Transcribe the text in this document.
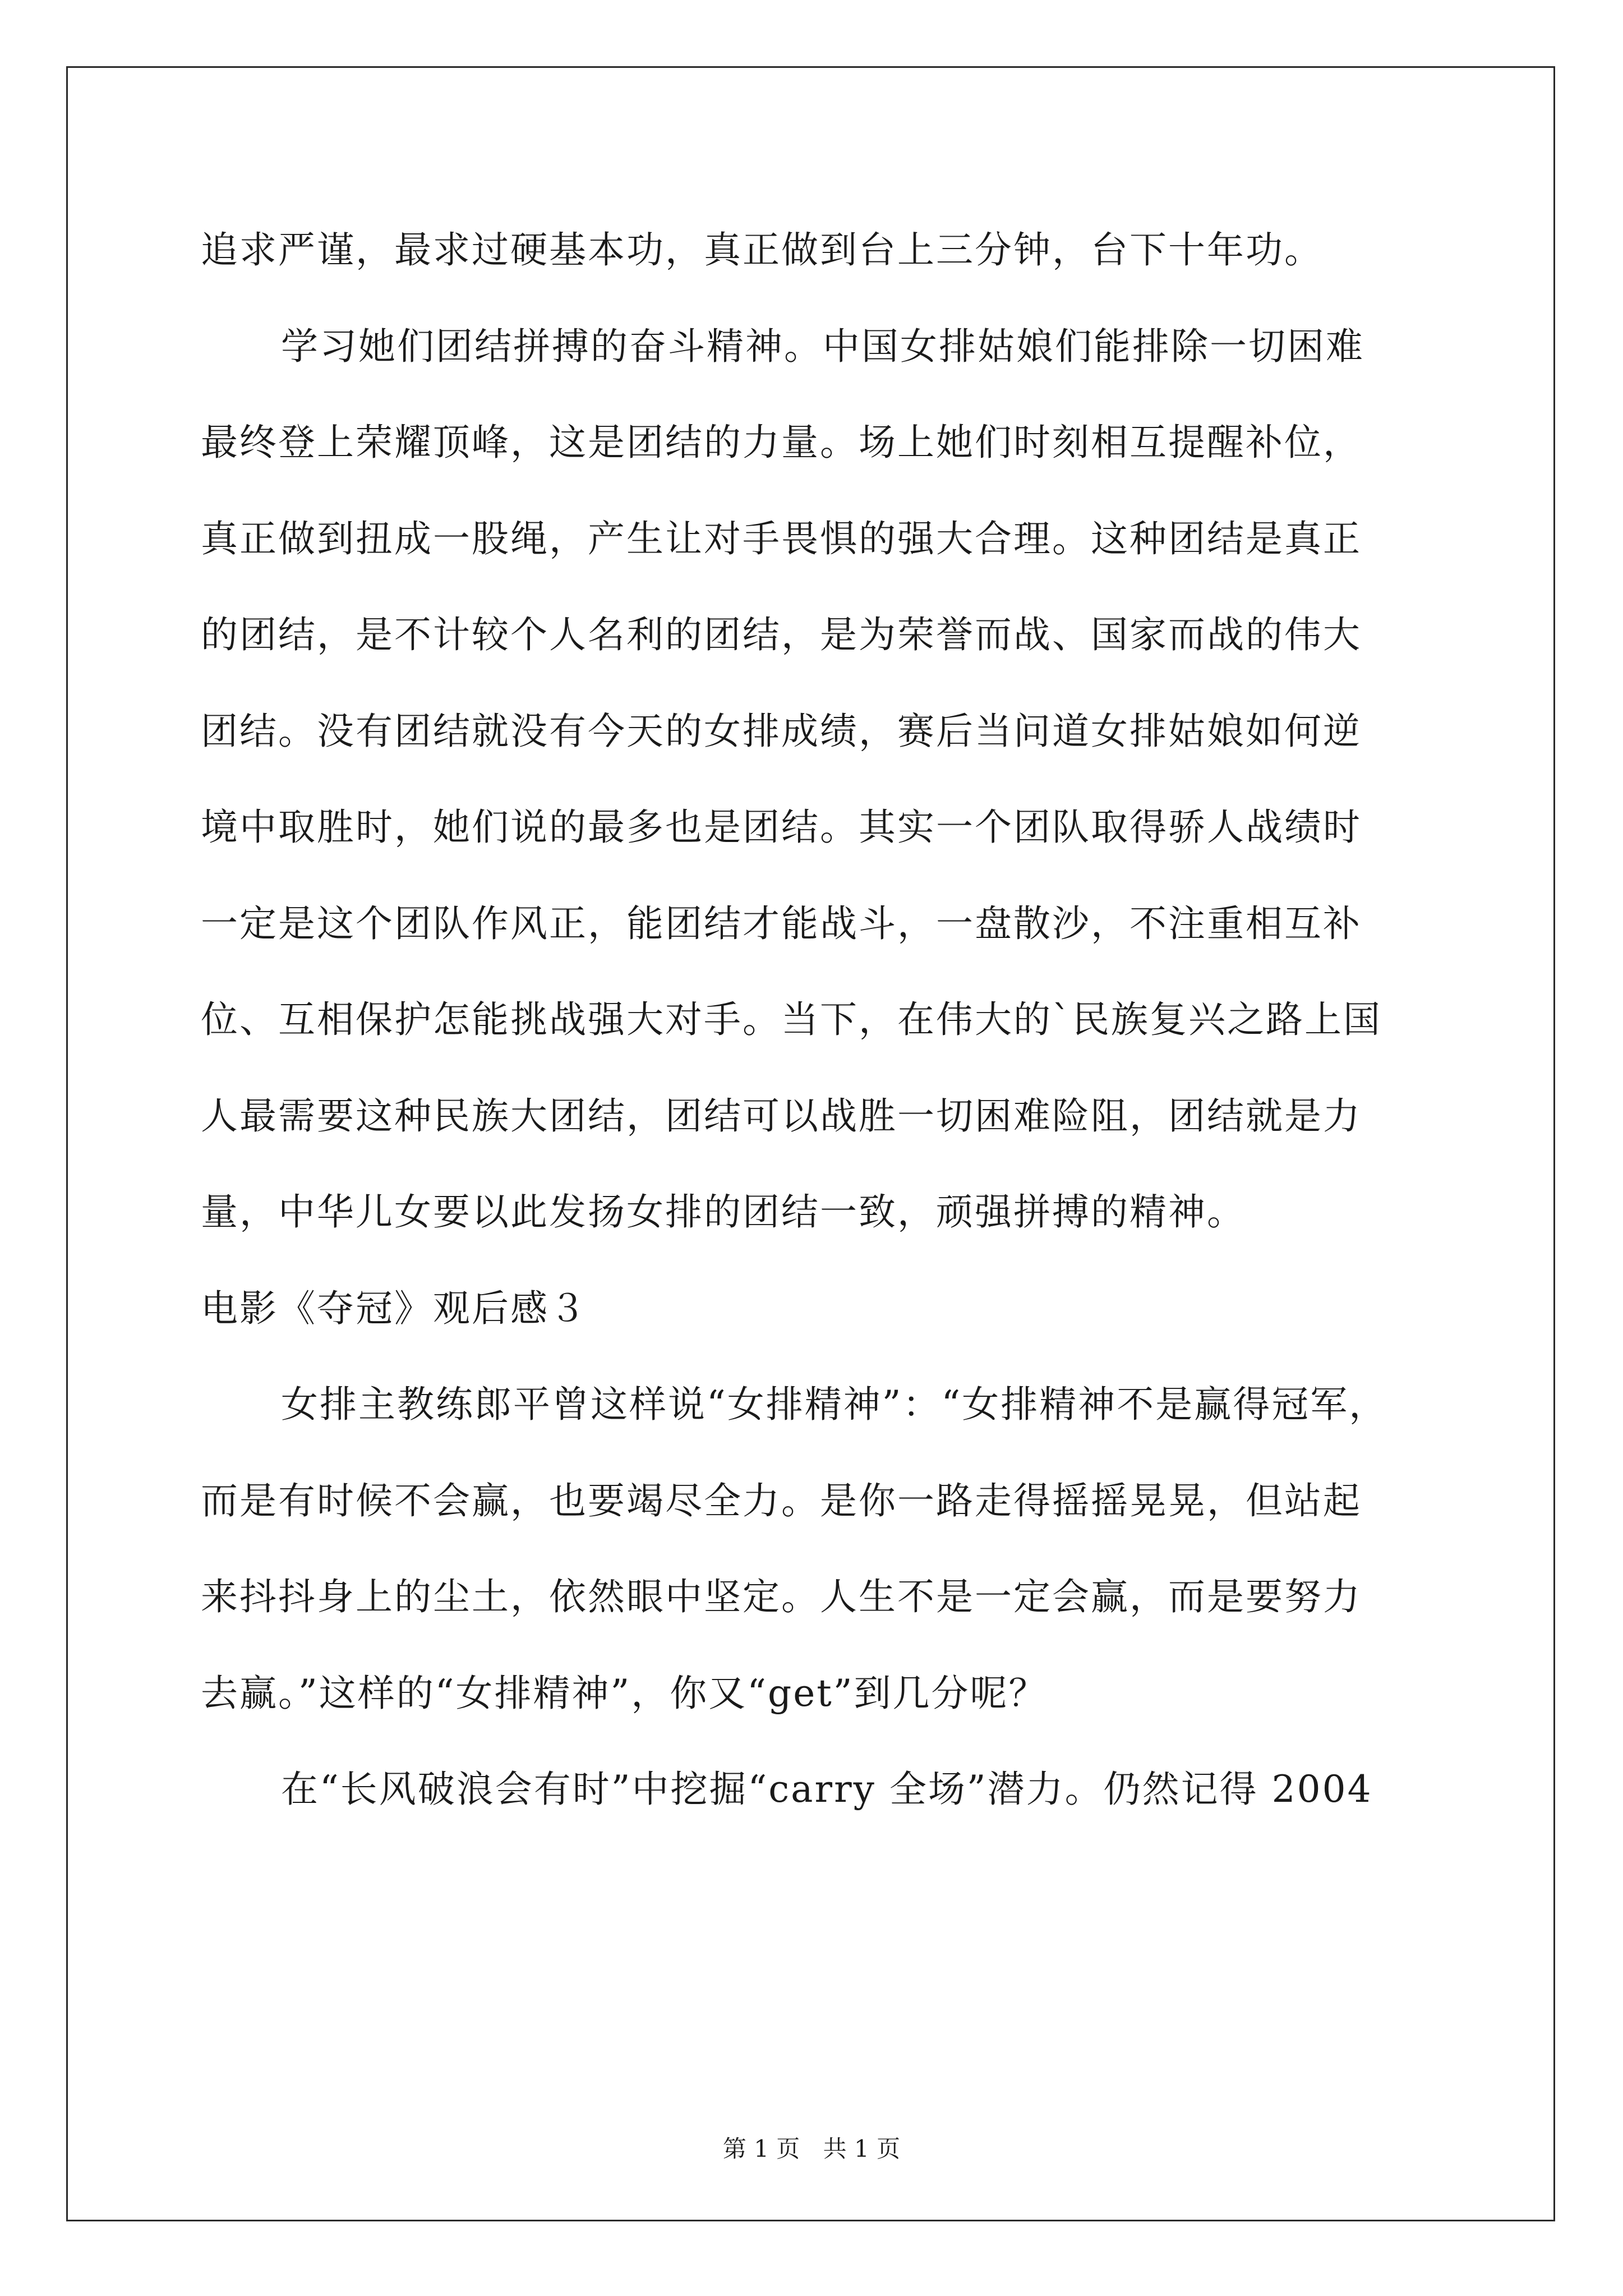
追求严谨，最求过硬基本功，真正做到台上三分钟，台下十年功。
学习她们团结拼搏的奋斗精神。中国女排姑娘们能排除一切困难
最终登上荣耀顶峰，这是团结的力量。场上她们时刻相互提醒补位，
真正做到扭成一股绳，产生让对手畏惧的强大合理。这种团结是真正
的团结，是不计较个人名利的团结，是为荣誉而战、国家而战的伟大
团结。没有团结就没有今天的女排成绩，赛后当问道女排姑娘如何逆
境中取胜时，她们说的最多也是团结。其实一个团队取得骄人战绩时
一定是这个团队作风正，能团结才能战斗，一盘散沙，不注重相互补
位、互相保护怎能挑战强大对手。当下，在伟大的`民族复兴之路上国
人最需要这种民族大团结，团结可以战胜一切困难险阻，团结就是力
量，中华儿女要以此发扬女排的团结一致，顽强拼搏的精神。
电影《夺冠》观后感３
女排主教练郎平曾这样说“女排精神”：“女排精神不是赢得冠军，
而是有时候不会赢，也要竭尽全力。是你一路走得摇摇晃晃，但站起
来抖抖身上的尘土，依然眼中坚定。人生不是一定会赢，而是要努力
去赢。”这样的“女排精神”，你又“get”到几分呢？
在“长风破浪会有时”中挖掘“carry 全场”潜力。仍然记得 2004
第 1 页 共 1 页
